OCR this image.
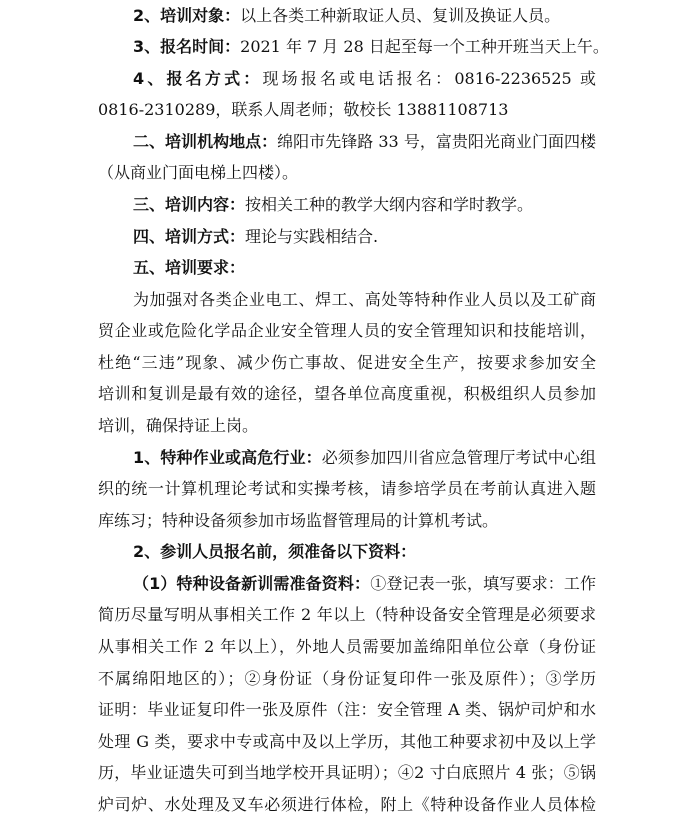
2、培训对象：以上各类工种新取证人员、复训及换证人员。
3、报名时间：2021 年 7 月 28 日起至每一个工种开班当天上午。
4、报名方式：现场报名或电话报名：0816-2236525 或
0816-2310289，联系人周老师；敬校长 13881108713
二、培训机构地点：绵阳市先锋路 33 号，富贵阳光商业门面四楼
（从商业门面电梯上四楼）。
三、培训内容：按相关工种的教学大纲内容和学时教学。
四、培训方式：理论与实践相结合.
五、培训要求：
为加强对各类企业电工、焊工、高处等特种作业人员以及工矿商
贸企业或危险化学品企业安全管理人员的安全管理知识和技能培训，
杜绝“三违”现象、减少伤亡事故、促进安全生产，按要求参加安全
培训和复训是最有效的途径，望各单位高度重视，积极组织人员参加
培训，确保持证上岗。
1、特种作业或高危行业：必须参加四川省应急管理厅考试中心组
织的统一计算机理论考试和实操考核，请参培学员在考前认真进入题
库练习；特种设备须参加市场监督管理局的计算机考试。
2、参训人员报名前，须准备以下资料：
（1）特种设备新训需准备资料：①登记表一张，填写要求：工作
简历尽量写明从事相关工作 2 年以上（特种设备安全管理是必须要求
从事相关工作 2 年以上），外地人员需要加盖绵阳单位公章（身份证
不属绵阳地区的）；②身份证（身份证复印件一张及原件）；③学历
证明：毕业证复印件一张及原件（注：安全管理 A 类、锅炉司炉和水
处理 G 类，要求中专或高中及以上学历，其他工种要求初中及以上学
历，毕业证遗失可到当地学校开具证明）；④2 寸白底照片 4 张；⑤锅
炉司炉、水处理及叉车必须进行体检，附上《特种设备作业人员体检
